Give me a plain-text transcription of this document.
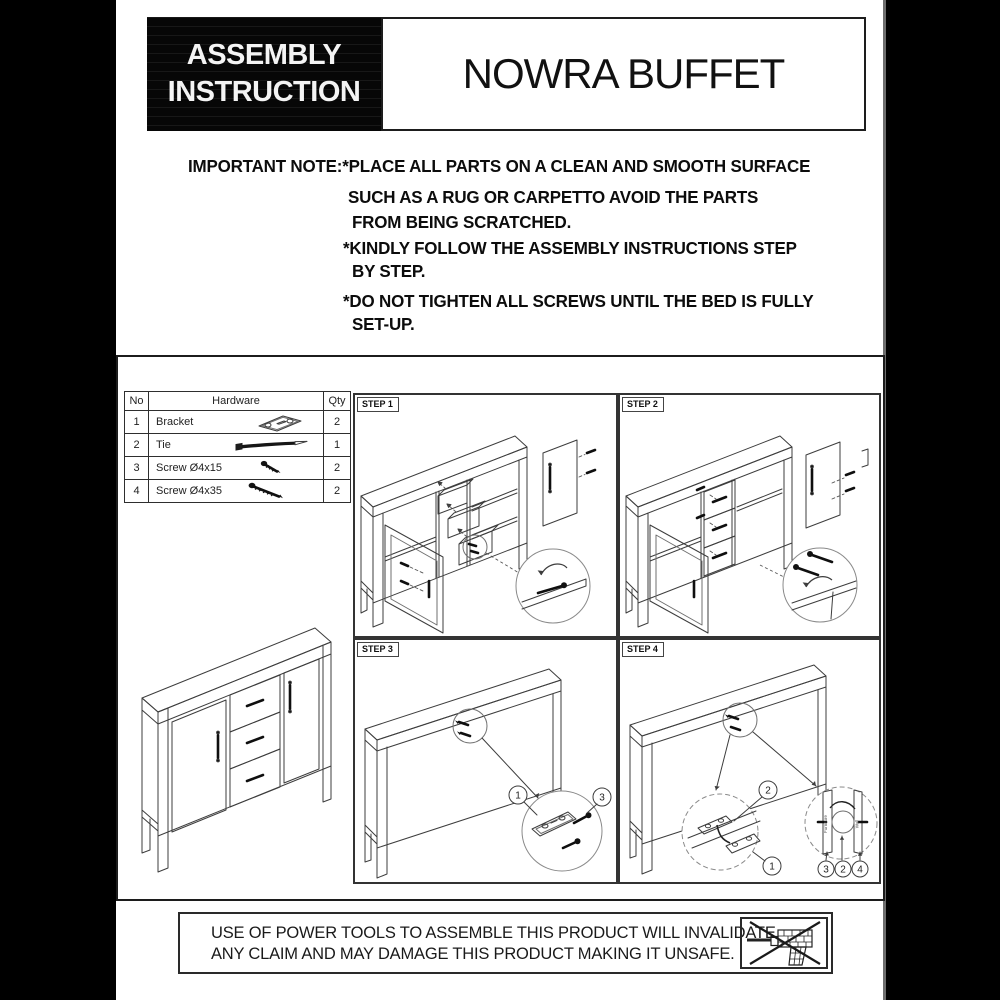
ASSEMBLY
INSTRUCTION NOWRA BUFFET
IMPORTANT NOTE:*PLACE ALL PARTS ON A CLEAN AND SMOOTH SURFACE
SUCH AS A RUG OR CARPETTO AVOID THE PARTS
FROM BEING SCRATCHED.
*KINDLY FOLLOW THE ASSEMBLY INSTRUCTIONS STEP
BY STEP.
*DO NOT TIGHTEN ALL SCREWS UNTIL THE BED IS FULLY
SET-UP.
No	Hardware	Qty
1	Bracket	2
2	Tie	1
3	Screw Ø4x15	2
4	Screw Ø4x35	2
STEP 1	STEP 2
STEP 3
1	3
STEP 4
2
1
Furniture	Wall
3 2 4
USE OF POWER TOOLS TO ASSEMBLE THIS PRODUCT WILL INVALIDATE
ANY CLAIM AND MAY DAMAGE THIS PRODUCT MAKING IT UNSAFE.
